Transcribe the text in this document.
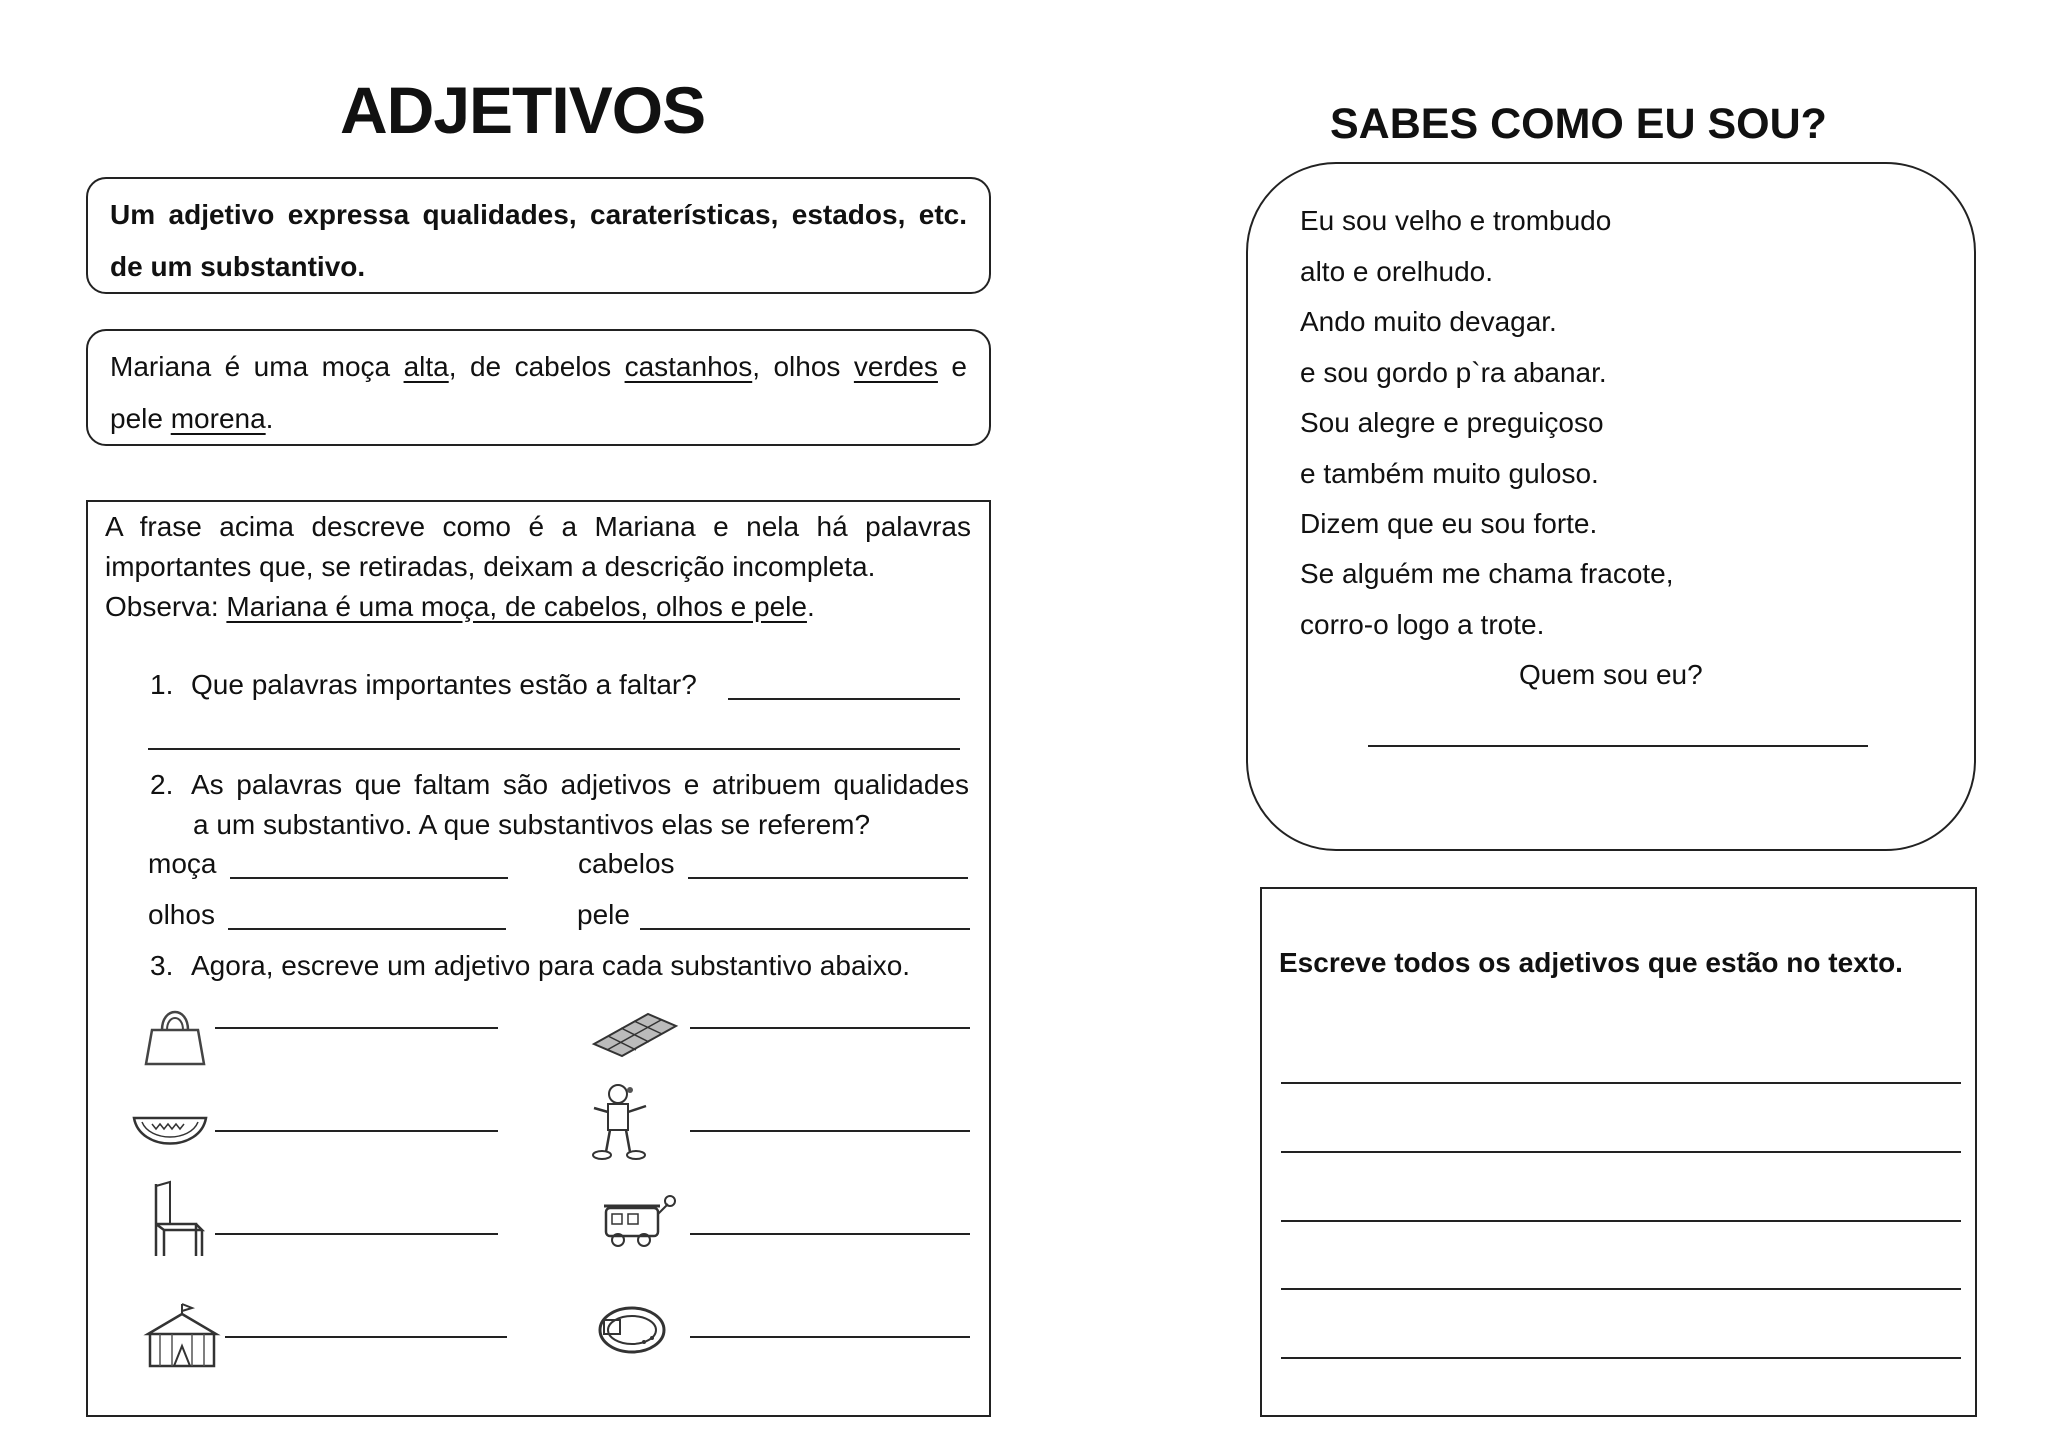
ADJETIVOS
Um adjetivo expressa qualidades, caraterísticas, estados, etc. de um substantivo.
Mariana é uma moça alta, de cabelos castanhos, olhos verdes e pele morena.
A frase acima descreve como é a Mariana e nela há palavras
importantes que, se retiradas, deixam a descrição incompleta.
Observa: Mariana é uma moça, de cabelos, olhos e pele.
1. Que palavras importantes estão a faltar?
2. As palavras que faltam são adjetivos e atribuem qualidades
a um substantivo. A que substantivos elas se referem?
moça	cabelos
olhos	pele
3. Agora, escreve um adjetivo para cada substantivo abaixo.
SABES COMO EU SOU?
Eu sou velho e trombudo
alto e orelhudo.
Ando muito devagar.
e sou gordo p`ra abanar.
Sou alegre e preguiçoso
e também muito guloso.
Dizem que eu sou forte.
Se alguém me chama fracote,
corro-o logo a trote.
Quem sou eu?
Escreve todos os adjetivos que estão no texto.
